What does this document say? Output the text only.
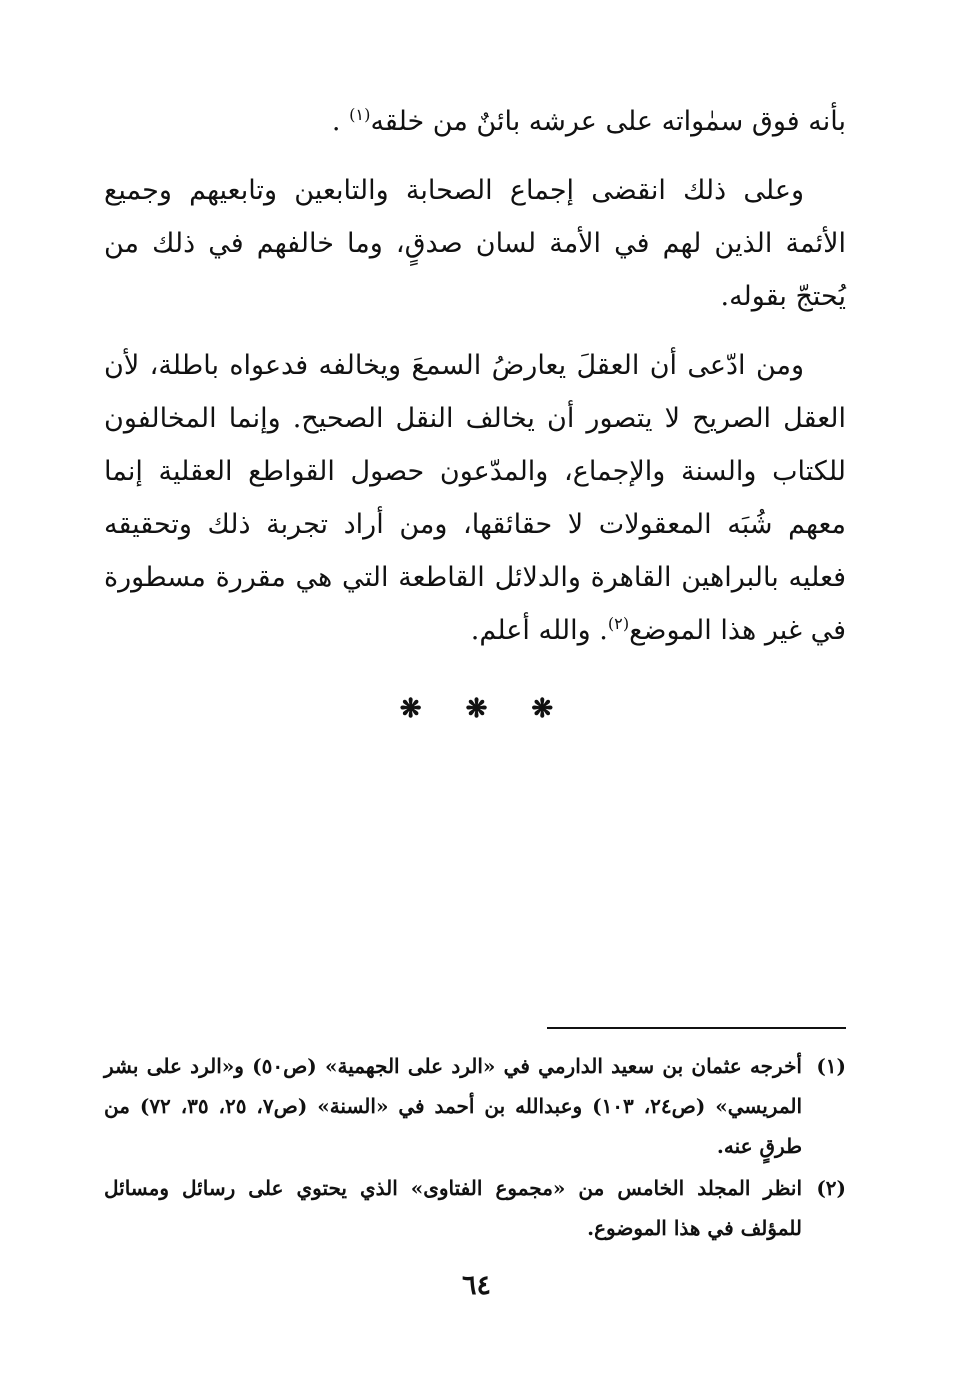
بأنه فوق سمٰواته على عرشه بائنٌ من خلقه$^{(١)}$ .

وعلى ذلك انقضى إجماع الصحابة والتابعين وتابعيهم وجميع الأئمة الذين لهم في الأمة لسان صدقٍ، وما خالفهم في ذلك من يُحتجّ بقوله.

ومن ادّعى أن العقلَ يعارضُ السمعَ ويخالفه فدعواه باطلة، لأن العقل الصريح لا يتصور أن يخالف النقل الصحيح. وإنما المخالفون للكتاب والسنة والإجماع، والمدّعون حصول القواطع العقلية إنما معهم شُبَه المعقولات لا حقائقها، ومن أراد تجربة ذلك وتحقيقه فعليه بالبراهين القاهرة والدلائل القاطعة التي هي مقررة مسطورة في غير هذا الموضع$^{(٢)}$. والله أعلم.

❋ ❋ ❋
(١)
أخرجه عثمان بن سعيد الدارمي في «الرد على الجهمية» (ص٥٠) و«الرد على بشر المريسي» (ص٢٤، ١٠٣) وعبدالله بن أحمد في «السنة» (ص٧، ٢٥، ٣٥، ٧٢) من طرقٍ عنه.
(٢)
انظر المجلد الخامس من «مجموع الفتاوى» الذي يحتوي على رسائل ومسائل للمؤلف في هذا الموضوع.
٦٤
